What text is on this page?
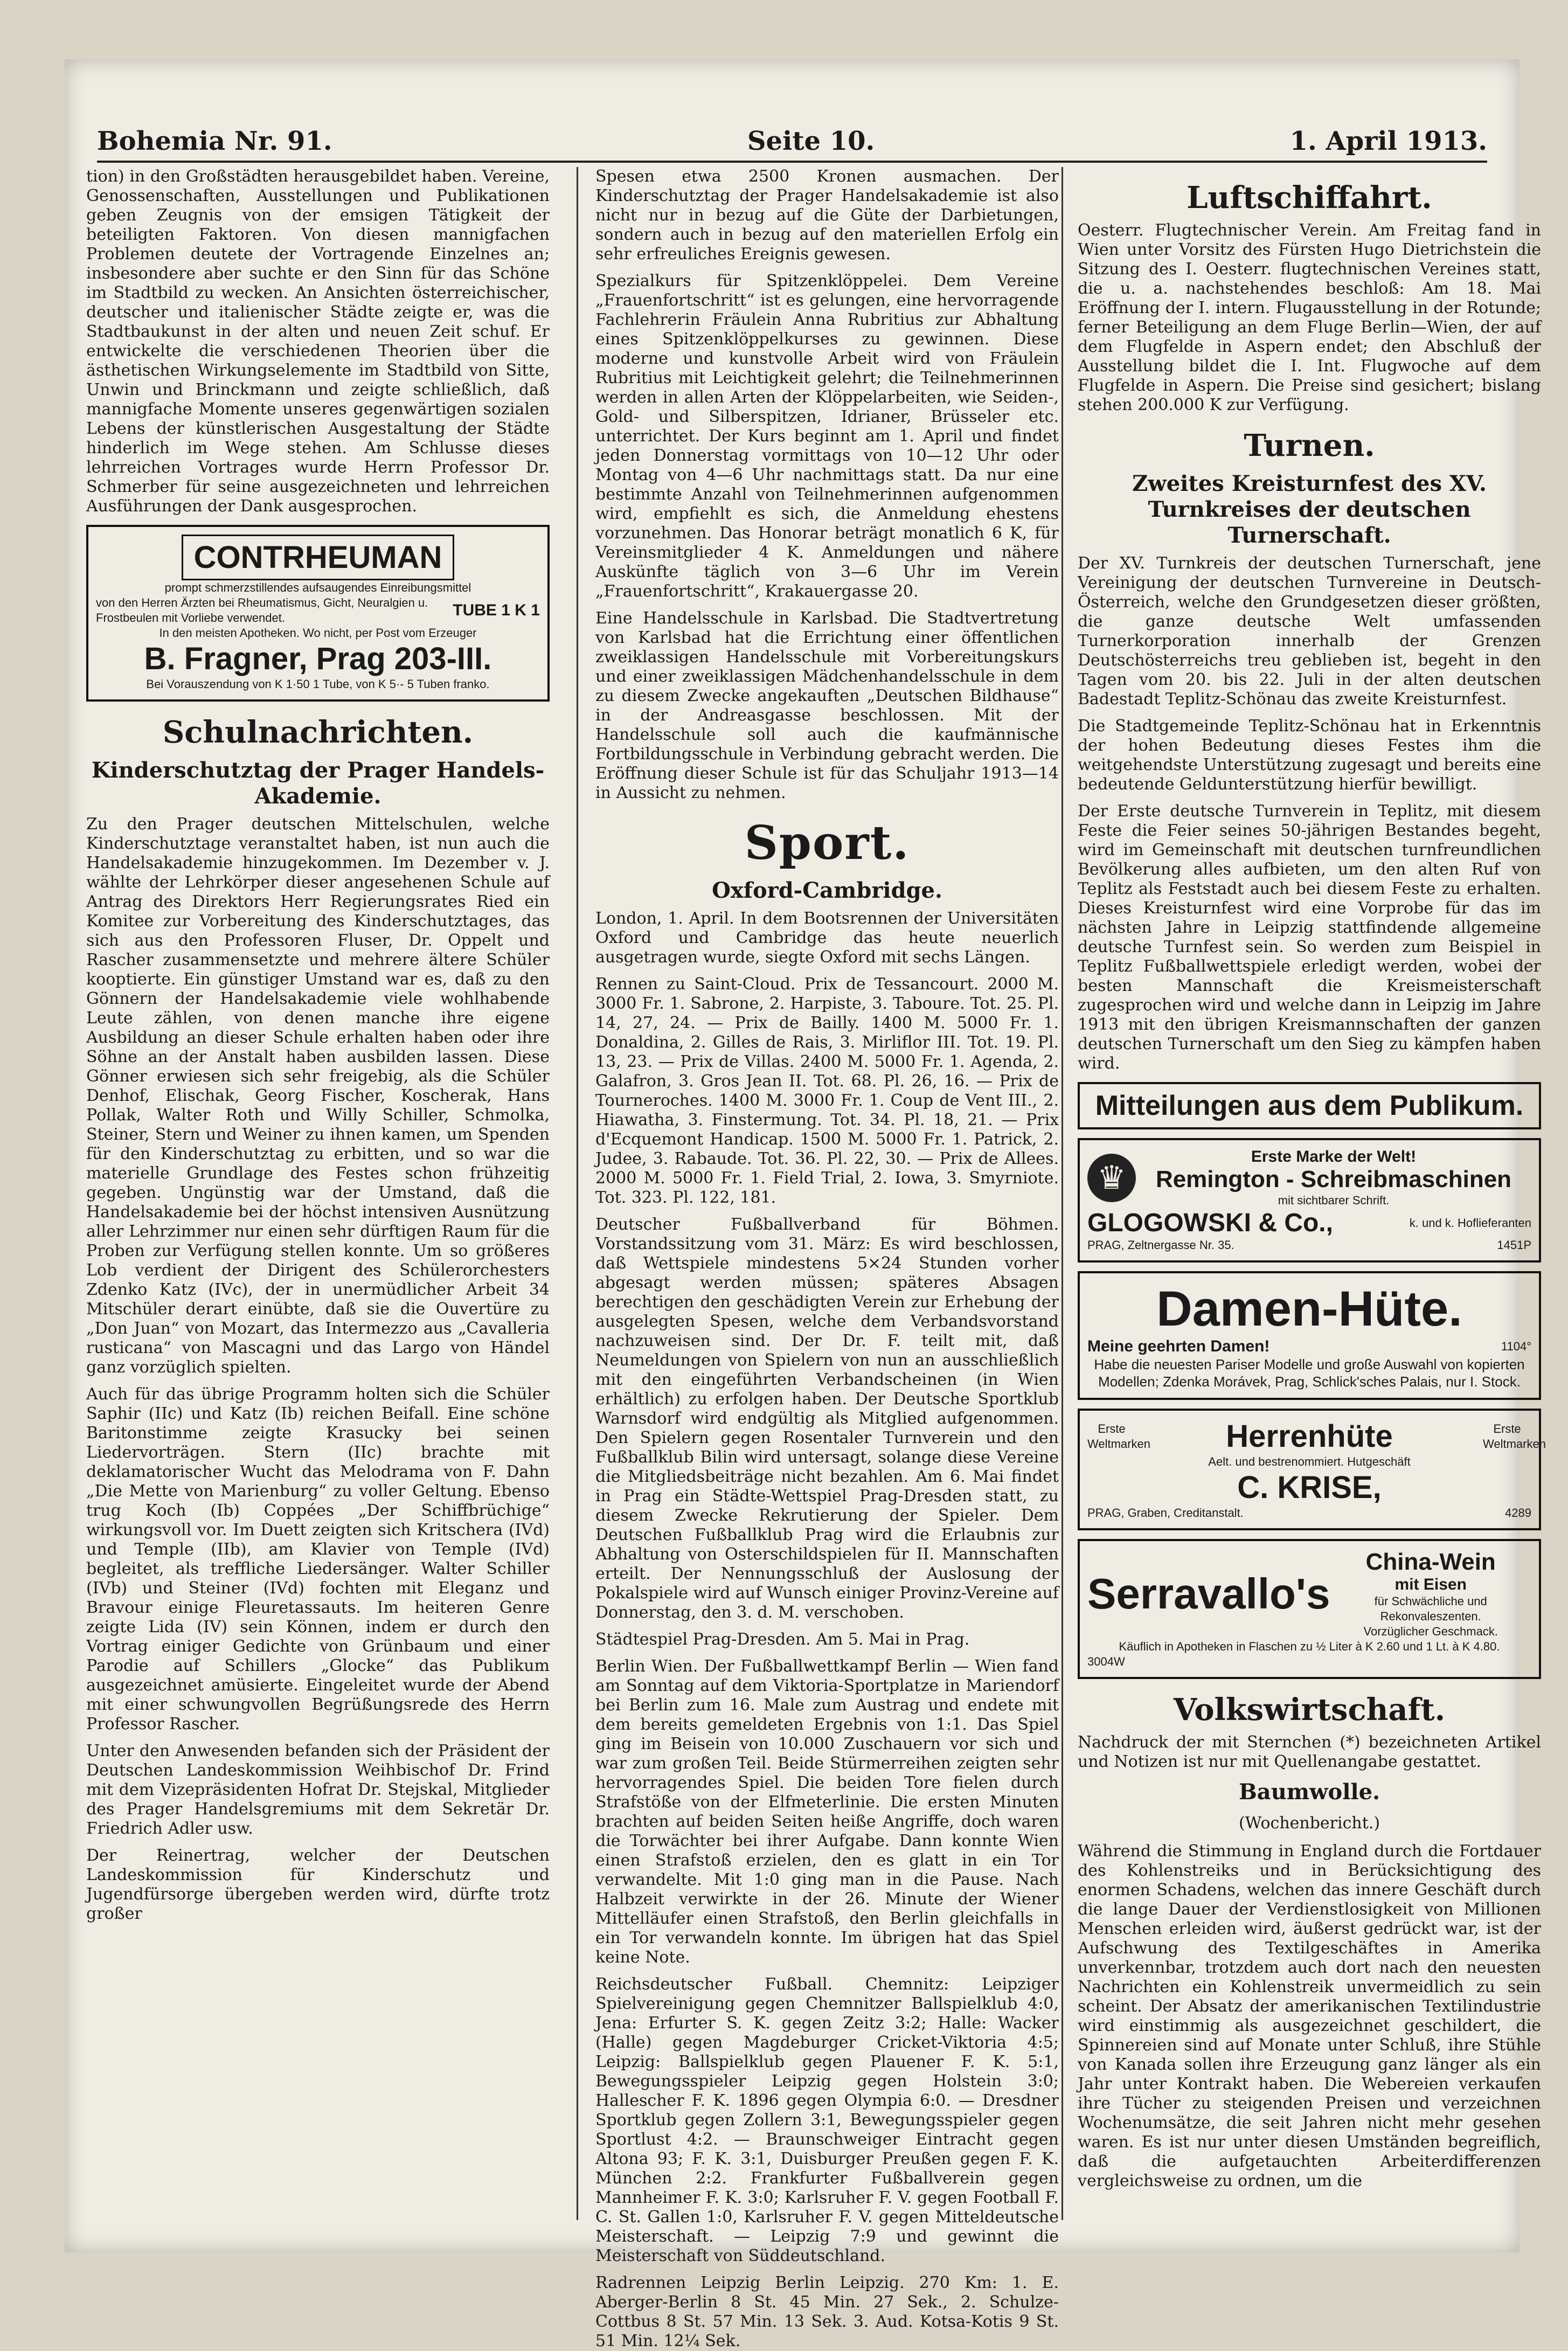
Bohemia Nr. 91.	Seite 10.	1. April 1913.

tion) in den Großstädten herausgebildet haben. Vereine, Genossenschaften, Ausstellungen und Publikationen geben Zeugnis von der emsigen Tätigkeit der beteiligten Faktoren. Von diesen mannigfachen Problemen deutete der Vortragende Einzelnes an; insbesondere aber suchte er den Sinn für das Schöne im Stadtbild zu wecken. An Ansichten österreichischer, deutscher und italienischer Städte zeigte er, was die Stadtbaukunst in der alten und neuen Zeit schuf. Er entwickelte die verschiedenen Theorien über die ästhetischen Wirkungselemente im Stadtbild von Sitte, Unwin und Brinckmann und zeigte schließlich, daß mannigfache Momente unseres gegenwärtigen sozialen Lebens der künstlerischen Ausgestaltung der Städte hinderlich im Wege stehen. Am Schlusse dieses lehrreichen Vortrages wurde Herrn Professor Dr. Schmerber für seine ausgezeichneten und lehrreichen Ausführungen der Dank ausgesprochen.

CONTRHEUMAN
prompt schmerzstillendes aufsaugendes Einreibungsmittel
von den Herren Ärzten bei Rheumatismus, Gicht, Neuralgien u. Frostbeulen mit Vorliebe verwendet.	TUBE 1 K 1
In den meisten Apotheken. Wo nicht, per Post vom Erzeuger
B. Fragner, Prag 203-III.
Bei Vorauszendung von K 1·50 1 Tube, von K 5·- 5 Tuben franko.
Schulnachrichten.
Kinderschutztag der Prager Handels-Akademie.

Zu den Prager deutschen Mittelschulen, welche Kinderschutztage veranstaltet haben, ist nun auch die Handelsakademie hinzugekommen. Im Dezember v. J. wählte der Lehrkörper dieser angesehenen Schule auf Antrag des Direktors Herr Regierungsrates Ried ein Komitee zur Vorbereitung des Kinderschutztages, das sich aus den Professoren Fluser, Dr. Oppelt und Rascher zusammensetzte und mehrere ältere Schüler kooptierte. Ein günstiger Umstand war es, daß zu den Gönnern der Handelsakademie viele wohlhabende Leute zählen, von denen manche ihre eigene Ausbildung an dieser Schule erhalten haben oder ihre Söhne an der Anstalt haben ausbilden lassen. Diese Gönner erwiesen sich sehr freigebig, als die Schüler Denhof, Elischak, Georg Fischer, Koscherak, Hans Pollak, Walter Roth und Willy Schiller, Schmolka, Steiner, Stern und Weiner zu ihnen kamen, um Spenden für den Kinderschutztag zu erbitten, und so war die materielle Grundlage des Festes schon frühzeitig gegeben. Ungünstig war der Umstand, daß die Handelsakademie bei der höchst intensiven Ausnützung aller Lehrzimmer nur einen sehr dürftigen Raum für die Proben zur Verfügung stellen konnte. Um so größeres Lob verdient der Dirigent des Schülerorchesters Zdenko Katz (IVc), der in unermüdlicher Arbeit 34 Mitschüler derart einübte, daß sie die Ouvertüre zu „Don Juan“ von Mozart, das Intermezzo aus „Cavalleria rusticana“ von Mascagni und das Largo von Händel ganz vorzüglich spielten.

Auch für das übrige Programm holten sich die Schüler Saphir (IIc) und Katz (Ib) reichen Beifall. Eine schöne Baritonstimme zeigte Krasucky bei seinen Liedervorträgen. Stern (IIc) brachte mit deklamatorischer Wucht das Melodrama von F. Dahn „Die Mette von Marienburg“ zu voller Geltung. Ebenso trug Koch (Ib) Coppées „Der Schiffbrüchige“ wirkungsvoll vor. Im Duett zeigten sich Kritschera (IVd) und Temple (IIb), am Klavier von Temple (IVd) begleitet, als treffliche Liedersänger. Walter Schiller (IVb) und Steiner (IVd) fochten mit Eleganz und Bravour einige Fleuretassauts. Im heiteren Genre zeigte Lida (IV) sein Können, indem er durch den Vortrag einiger Gedichte von Grünbaum und einer Parodie auf Schillers „Glocke“ das Publikum ausgezeichnet amüsierte. Eingeleitet wurde der Abend mit einer schwungvollen Begrüßungsrede des Herrn Professor Rascher.

Unter den Anwesenden befanden sich der Präsident der Deutschen Landeskommission Weihbischof Dr. Frind mit dem Vizepräsidenten Hofrat Dr. Stejskal, Mitglieder des Prager Handelsgremiums mit dem Sekretär Dr. Friedrich Adler usw.

Der Reinertrag, welcher der Deutschen Landeskommission für Kinderschutz und Jugendfürsorge übergeben werden wird, dürfte trotz großer

Spesen etwa 2500 Kronen ausmachen. Der Kinderschutztag der Prager Handelsakademie ist also nicht nur in bezug auf die Güte der Darbietungen, sondern auch in bezug auf den materiellen Erfolg ein sehr erfreuliches Ereignis gewesen.

Spezialkurs für Spitzenklöppelei. Dem Vereine „Frauenfortschritt“ ist es gelungen, eine hervorragende Fachlehrerin Fräulein Anna Rubritius zur Abhaltung eines Spitzenklöppelkurses zu gewinnen. Diese moderne und kunstvolle Arbeit wird von Fräulein Rubritius mit Leichtigkeit gelehrt; die Teilnehmerinnen werden in allen Arten der Klöppelarbeiten, wie Seiden-, Gold- und Silberspitzen, Idrianer, Brüsseler etc. unterrichtet. Der Kurs beginnt am 1. April und findet jeden Donnerstag vormittags von 10—12 Uhr oder Montag von 4—6 Uhr nachmittags statt. Da nur eine bestimmte Anzahl von Teilnehmerinnen aufgenommen wird, empfiehlt es sich, die Anmeldung ehestens vorzunehmen. Das Honorar beträgt monatlich 6 K, für Vereinsmitglieder 4 K. Anmeldungen und nähere Auskünfte täglich von 3—6 Uhr im Verein „Frauenfortschritt“, Krakauergasse 20.

Eine Handelsschule in Karlsbad. Die Stadtvertretung von Karlsbad hat die Errichtung einer öffentlichen zweiklassigen Handelsschule mit Vorbereitungskurs und einer zweiklassigen Mädchenhandelsschule in dem zu diesem Zwecke angekauften „Deutschen Bildhause“ in der Andreasgasse beschlossen. Mit der Handelsschule soll auch die kaufmännische Fortbildungsschule in Verbindung gebracht werden. Die Eröffnung dieser Schule ist für das Schuljahr 1913—14 in Aussicht zu nehmen.

Sport.
Oxford-Cambridge.

London, 1. April. In dem Bootsrennen der Universitäten Oxford und Cambridge das heute neuerlich ausgetragen wurde, siegte Oxford mit sechs Längen.

Rennen zu Saint-Cloud. Prix de Tessancourt. 2000 M. 3000 Fr. 1. Sabrone, 2. Harpiste, 3. Taboure. Tot. 25. Pl. 14, 27, 24. — Prix de Bailly. 1400 M. 5000 Fr. 1. Donaldina, 2. Gilles de Rais, 3. Mirliflor III. Tot. 19. Pl. 13, 23. — Prix de Villas. 2400 M. 5000 Fr. 1. Agenda, 2. Galafron, 3. Gros Jean II. Tot. 68. Pl. 26, 16. — Prix de Tourneroches. 1400 M. 3000 Fr. 1. Coup de Vent III., 2. Hiawatha, 3. Finstermung. Tot. 34. Pl. 18, 21. — Prix d'Ecquemont Handicap. 1500 M. 5000 Fr. 1. Patrick, 2. Judee, 3. Rabaude. Tot. 36. Pl. 22, 30. — Prix de Allees. 2000 M. 5000 Fr. 1. Field Trial, 2. Iowa, 3. Smyrniote. Tot. 323. Pl. 122, 181.

Deutscher Fußballverband für Böhmen. Vorstandssitzung vom 31. März: Es wird beschlossen, daß Wettspiele mindestens 5×24 Stunden vorher abgesagt werden müssen; späteres Absagen berechtigen den geschädigten Verein zur Erhebung der ausgelegten Spesen, welche dem Verbandsvorstand nachzuweisen sind. Der Dr. F. teilt mit, daß Neumeldungen von Spielern von nun an ausschließlich mit den eingeführten Verbandscheinen (in Wien erhältlich) zu erfolgen haben. Der Deutsche Sportklub Warnsdorf wird endgültig als Mitglied aufgenommen. Den Spielern gegen Rosentaler Turnverein und den Fußballklub Bilin wird untersagt, solange diese Vereine die Mitgliedsbeiträge nicht bezahlen. Am 6. Mai findet in Prag ein Städte-Wettspiel Prag-Dresden statt, zu diesem Zwecke Rekrutierung der Spieler. Dem Deutschen Fußballklub Prag wird die Erlaubnis zur Abhaltung von Osterschildspielen für II. Mannschaften erteilt. Der Nennungsschluß der Auslosung der Pokalspiele wird auf Wunsch einiger Provinz-Vereine auf Donnerstag, den 3. d. M. verschoben.

Städtespiel Prag-Dresden. Am 5. Mai in Prag.

Berlin Wien. Der Fußballwettkampf Berlin — Wien fand am Sonntag auf dem Viktoria-Sportplatze in Mariendorf bei Berlin zum 16. Male zum Austrag und endete mit dem bereits gemeldeten Ergebnis von 1:1. Das Spiel ging im Beisein von 10.000 Zuschauern vor sich und war zum großen Teil. Beide Stürmerreihen zeigten sehr hervorragendes Spiel. Die beiden Tore fielen durch Strafstöße von der Elfmeterlinie. Die ersten Minuten brachten auf beiden Seiten heiße Angriffe, doch waren die Torwächter bei ihrer Aufgabe. Dann konnte Wien einen Strafstoß erzielen, den es glatt in ein Tor verwandelte. Mit 1:0 ging man in die Pause. Nach Halbzeit verwirkte in der 26. Minute der Wiener Mittelläufer einen Strafstoß, den Berlin gleichfalls in ein Tor verwandeln konnte. Im übrigen hat das Spiel keine Note.

Reichsdeutscher Fußball. Chemnitz: Leipziger Spielvereinigung gegen Chemnitzer Ballspielklub 4:0, Jena: Erfurter S. K. gegen Zeitz 3:2; Halle: Wacker (Halle) gegen Magdeburger Cricket-Viktoria 4:5; Leipzig: Ballspielklub gegen Plauener F. K. 5:1, Bewegungsspieler Leipzig gegen Holstein 3:0; Hallescher F. K. 1896 gegen Olympia 6:0. — Dresdner Sportklub gegen Zollern 3:1, Bewegungsspieler gegen Sportlust 4:2. — Braunschweiger Eintracht gegen Altona 93; F. K. 3:1, Duisburger Preußen gegen F. K. München 2:2. Frankfurter Fußballverein gegen Mannheimer F. K. 3:0; Karlsruher F. V. gegen Football F. C. St. Gallen 1:0, Karlsruher F. V. gegen Mitteldeutsche Meisterschaft. — Leipzig 7:9 und gewinnt die Meisterschaft von Süddeutschland.

Radrennen Leipzig Berlin Leipzig. 270 Km: 1. E. Aberger-Berlin 8 St. 45 Min. 27 Sek., 2. Schulze-Cottbus 8 St. 57 Min. 13 Sek. 3. Aud. Kotsa-Kotis 9 St. 51 Min. 12¼ Sek.

Luftschiffahrt.

Oesterr. Flugtechnischer Verein. Am Freitag fand in Wien unter Vorsitz des Fürsten Hugo Dietrichstein die Sitzung des I. Oesterr. flugtechnischen Vereines statt, die u. a. nachstehendes beschloß: Am 18. Mai Eröffnung der I. intern. Flugausstellung in der Rotunde; ferner Beteiligung an dem Fluge Berlin—Wien, der auf dem Flugfelde in Aspern endet; den Abschluß der Ausstellung bildet die I. Int. Flugwoche auf dem Flugfelde in Aspern. Die Preise sind gesichert; bislang stehen 200.000 K zur Verfügung.

Turnen.
Zweites Kreisturnfest des XV. Turnkreises der deutschen Turnerschaft.

Der XV. Turnkreis der deutschen Turnerschaft, jene Vereinigung der deutschen Turnvereine in Deutsch-Österreich, welche den Grundgesetzen dieser größten, die ganze deutsche Welt umfassenden Turnerkorporation innerhalb der Grenzen Deutschösterreichs treu geblieben ist, begeht in den Tagen vom 20. bis 22. Juli in der alten deutschen Badestadt Teplitz-Schönau das zweite Kreisturnfest.

Die Stadtgemeinde Teplitz-Schönau hat in Erkenntnis der hohen Bedeutung dieses Festes ihm die weitgehendste Unterstützung zugesagt und bereits eine bedeutende Geldunterstützung hierfür bewilligt.

Der Erste deutsche Turnverein in Teplitz, mit diesem Feste die Feier seines 50-jährigen Bestandes begeht, wird im Gemeinschaft mit deutschen turnfreundlichen Bevölkerung alles aufbieten, um den alten Ruf von Teplitz als Feststadt auch bei diesem Feste zu erhalten. Dieses Kreisturnfest wird eine Vorprobe für das im nächsten Jahre in Leipzig stattfindende allgemeine deutsche Turnfest sein. So werden zum Beispiel in Teplitz Fußballwettspiele erledigt werden, wobei der besten Mannschaft die Kreismeisterschaft zugesprochen wird und welche dann in Leipzig im Jahre 1913 mit den übrigen Kreismannschaften der ganzen deutschen Turnerschaft um den Sieg zu kämpfen haben wird.

Mitteilungen aus dem Publikum.
♛
Erste Marke der Welt!
Remington - Schreibmaschinen
mit sichtbarer Schrift.
GLOGOWSKI & Co.,	k. und k. Hoflieferanten
PRAG, Zeltnergasse Nr. 35.	1451P
Damen-Hüte.
Meine geehrten Damen!	1104°
Habe die neuesten Pariser Modelle und große Auswahl von kopierten Modellen; Zdenka Morávek, Prag, Schlick'sches Palais, nur I. Stock.
Erste Weltmarken Herrenhüte	Erste Weltmarken
Aelt. und bestrenommiert. Hutgeschäft
C. KRISE,
PRAG, Graben, Creditanstalt.	4289
Serravallo's
China-Wein
mit Eisen
für Schwächliche und Rekonvaleszenten.
Vorzüglicher Geschmack.
Käuflich in Apotheken in Flaschen zu ½ Liter à K 2.60 und 1 Lt. à K 4.80.
3004W
Volkswirtschaft.

Nachdruck der mit Sternchen (*) bezeichneten Artikel und Notizen ist nur mit Quellenangabe gestattet.

Baumwolle.
(Wochenbericht.)

Während die Stimmung in England durch die Fortdauer des Kohlenstreiks und in Berücksichtigung des enormen Schadens, welchen das innere Geschäft durch die lange Dauer der Verdienstlosigkeit von Millionen Menschen erleiden wird, äußerst gedrückt war, ist der Aufschwung des Textilgeschäftes in Amerika unverkennbar, trotzdem auch dort nach den neuesten Nachrichten ein Kohlenstreik unvermeidlich zu sein scheint. Der Absatz der amerikanischen Textilindustrie wird einstimmig als ausgezeichnet geschildert, die Spinnereien sind auf Monate unter Schluß, ihre Stühle von Kanada sollen ihre Erzeugung ganz länger als ein Jahr unter Kontrakt haben. Die Webereien verkaufen ihre Tücher zu steigenden Preisen und verzeichnen Wochenumsätze, die seit Jahren nicht mehr gesehen waren. Es ist nur unter diesen Umständen begreiflich, daß die aufgetauchten Arbeiterdifferenzen vergleichsweise zu ordnen, um die
